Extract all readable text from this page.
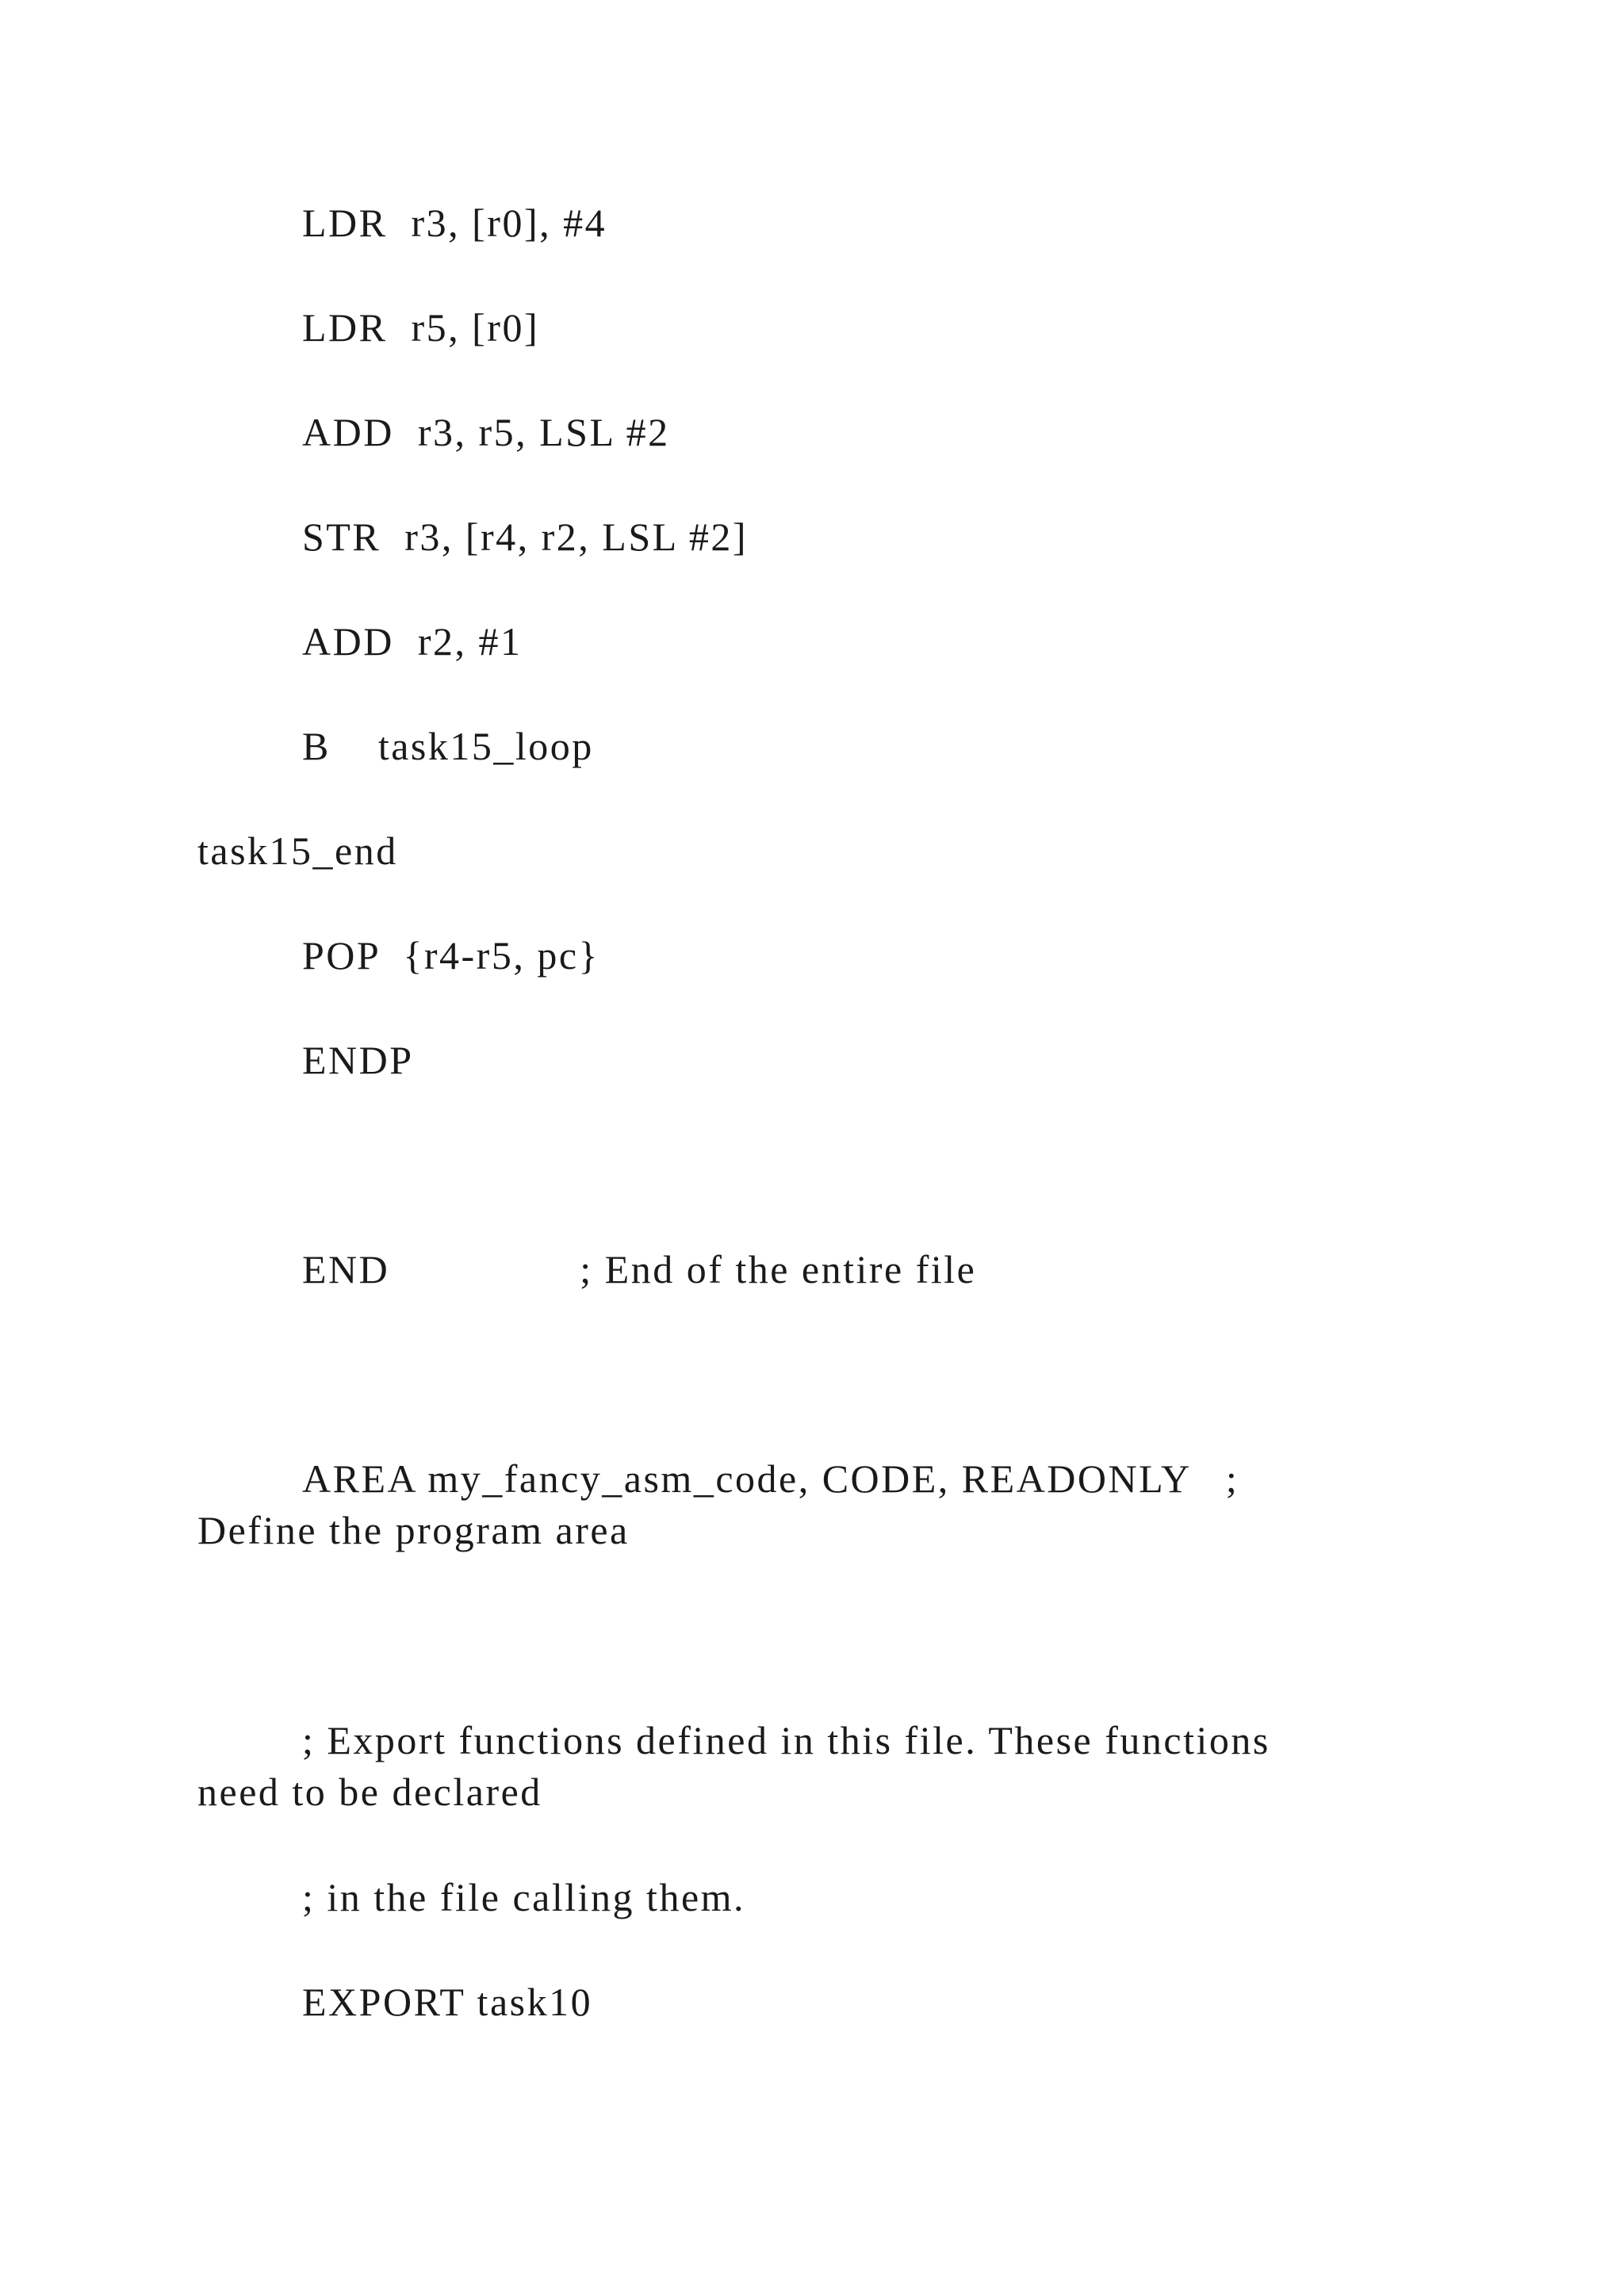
LDR  r3, [r0], #4
LDR  r5, [r0]
ADD  r3, r5, LSL #2
STR  r3, [r4, r2, LSL #2]
ADD  r2, #1
B    task15_loop
task15_end
POP  {r4-r5, pc}
ENDP
END                ; End of the entire file
AREA my_fancy_asm_code, CODE, READONLY   ;
Define the program area
; Export functions defined in this file. These functions
need to be declared
; in the file calling them.
EXPORT task10
